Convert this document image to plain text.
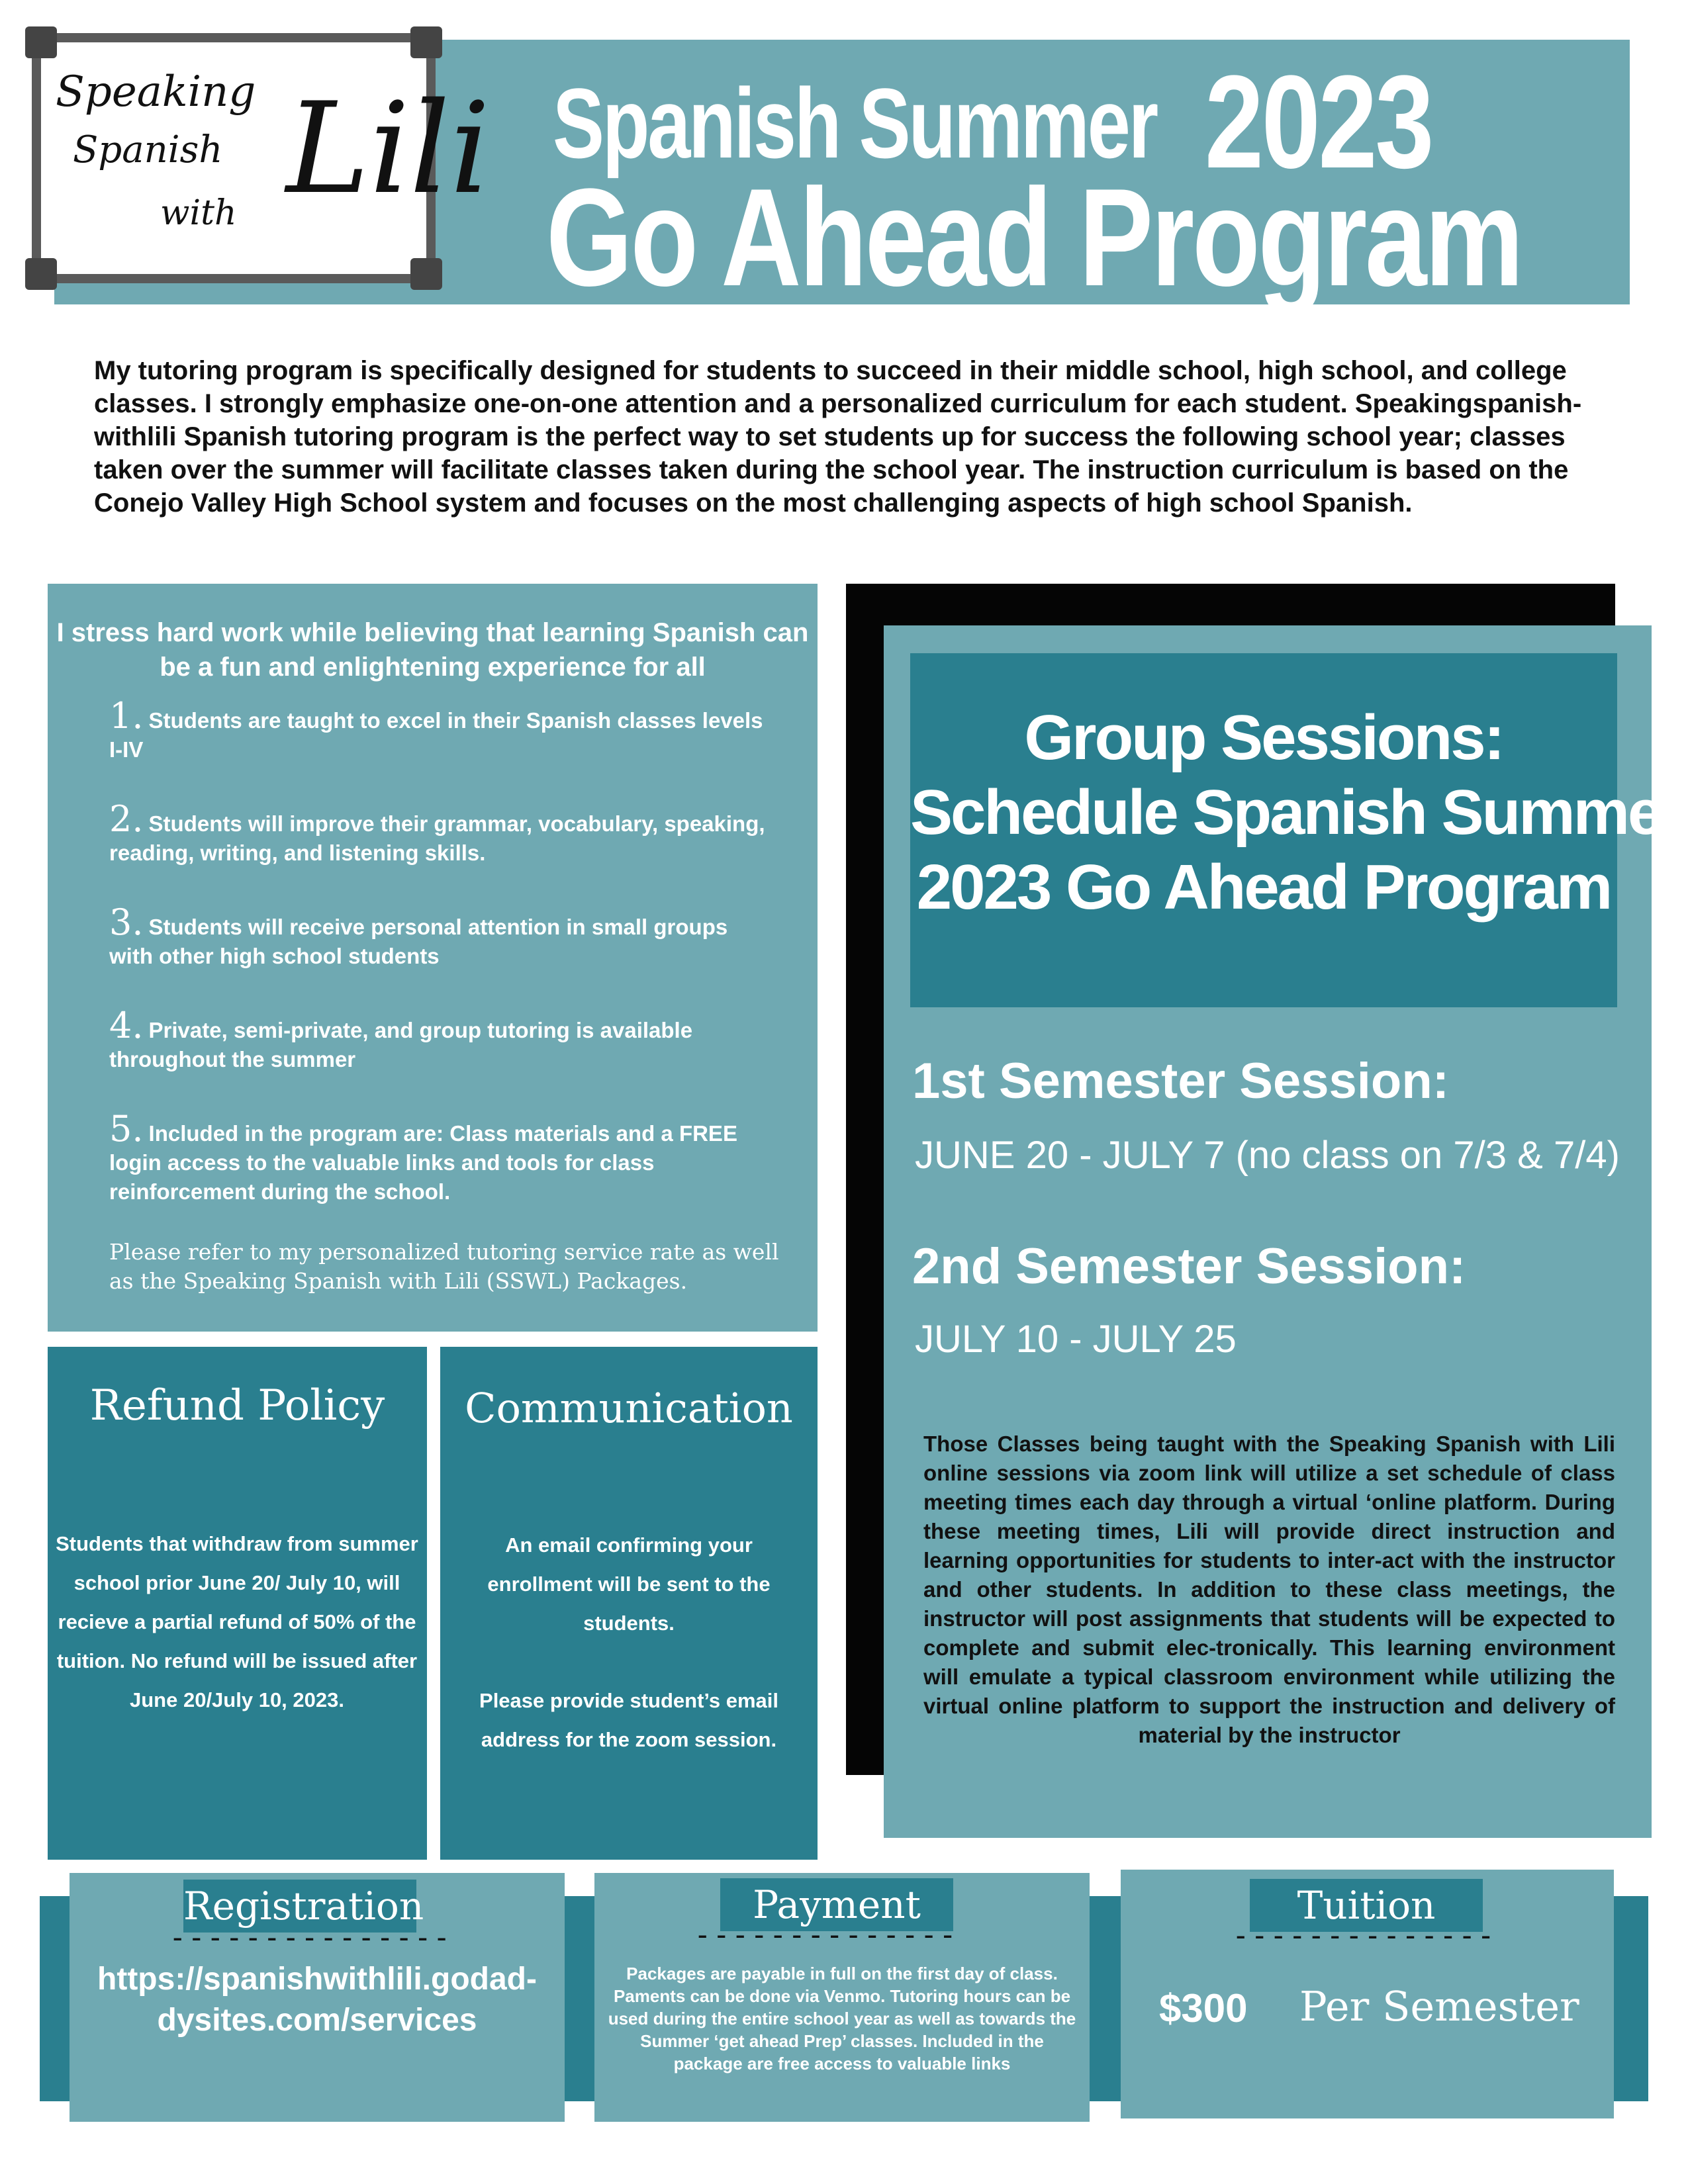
Spanish Summer 2023
Go Ahead Program
Speaking
Spanish
with Lili
My tutoring program is specifically designed for students to succeed in their middle school, high school, and college classes. I strongly emphasize one-on-one attention and a personalized curriculum for each student. Speakingspanish-withlili Spanish tutoring program is the perfect way to set students up for success the following school year; classes taken over the summer will facilitate classes taken during the school year. The instruction curriculum is based on the Conejo Valley High School system and focuses on the most challenging aspects of high school Spanish.
I stress hard work while believing that learning Spanish can be a fun and enlightening experience for all
1. Students are taught to excel in their Spanish classes levels I-IV
2. Students will improve their grammar, vocabulary, speaking, reading, writing, and listening skills.
3. Students will receive personal attention in small groups with other high school students
4. Private, semi-private, and group tutoring is available throughout the summer
5. Included in the program are: Class materials and a FREE login access to the valuable links and tools for class reinforcement during the school.
Please refer to my personalized tutoring service rate as well as the Speaking Spanish with Lili (SSWL) Packages.
Refund Policy
Students that withdraw from summer school prior June 20/ July 10, will recieve a partial refund of 50% of the tuition. No refund will be issued after June 20/July 10, 2023.
Communication
An email confirming your enrollment will be sent to the students.
Please provide student’s email address for the zoom session.
Group Sessions:
Schedule Spanish Summer
2023 Go Ahead Program
1st Semester Session:
JUNE 20 - JULY 7 (no class on 7/3 & 7/4)
2nd Semester Session:
JULY 10 - JULY 25
Those Classes being taught with the Speaking Spanish with Lili online sessions via zoom link will utilize a set schedule of class meeting times each day through a virtual ‘online platform. During these meeting times, Lili will provide direct instruction and learning opportunities for students to inter-act with the instructor and other students. In addition to these class meetings, the instructor will post assignments that students will be expected to complete and submit elec-tronically. This learning environment will emulate a typical classroom environment while utilizing the virtual online platform to support the instruction and delivery of material by the instructor
Registration
---------------
https://spanishwithlili.godad-dysites.com/services
Payment
--------------
Packages are payable in full on the first day of class. Paments can be done via Venmo. Tutoring hours can be used during the entire school year as well as towards the Summer ‘get ahead Prep’ classes. Included in the package are free access to valuable links
Tuition
--------------
$300 Per Semester
